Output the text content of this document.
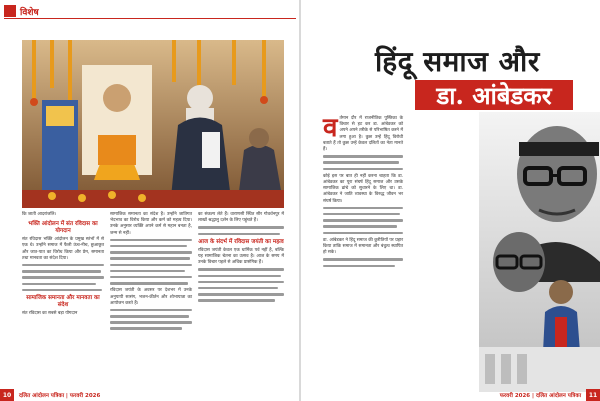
विशेष

कि जाती आदरांजलि।

भक्ति आंदोलन में संत रविदास का योगदान

संत रविदास भक्ति आंदोलन के प्रमुख स्तंभों में से एक थे। उन्होंने समाज में फैली ऊंच-नीच, छुआछूत और जात-पात का विरोध किया और प्रेम, समानता तथा मानवता का संदेश दिया।

सामाजिक समानता और मानवता का संदेश

संत रविदास का सबसे बड़ा योगदान

सामाजिक समानता का संदेश है। उन्होंने जातिगत भेदभाव का विरोध किया और कर्म को महत्व दिया। उनके अनुसार व्यक्ति अपने कर्म से महान बनता है, जन्म से नहीं।

रविदास जयंती के अवसर पर देशभर में उनके अनुयायी सत्संग, भजन-कीर्तन और शोभायात्रा का आयोजन करते हैं।

का संकल्प लेते हैं। वाराणसी स्थित सीर गोवर्धनपुर में लाखों श्रद्धालु दर्शन के लिए पहुंचते हैं।

आज के संदर्भ में रविदास जयंती का महत्व

रविदास जयंती केवल एक धार्मिक पर्व नहीं है, बल्कि यह सामाजिक चेतना का उत्सव है। आज के समय में उनके विचार पहले से अधिक प्रासंगिक हैं।

10	दलित आंदोलन पत्रिका | फरवरी 2026
हिंदू समाज और
डा. आंबेडकर

वर्तमान दौर में राजनीतिक पुस्तिका के विचार से हट कर डा. आंबेडकर को अपने अपने तरीके से परिभाषित करने में लगा हुआ है। कुछ उन्हें हिंदू विरोधी बताते हैं तो कुछ उन्हें केवल दलितों का नेता मानते हैं।

कोई इस पर बात ही नहीं करना चाहता कि डा. आंबेडकर का यूरा संघर्ष हिंदू समाज और उसके सामाजिक ढांचे को सुधारने के लिए था। डा. आंबेडकर ने जाति व्यवस्था के विरुद्ध जीवन भर संघर्ष किया।

डा. आंबेडकर ने हिंदू समाज की कुरीतियों पर प्रहार किया ताकि समाज में समानता और बंधुत्व स्थापित हो सके।

फरवरी 2026 | दलित आंदोलन पत्रिका	11
